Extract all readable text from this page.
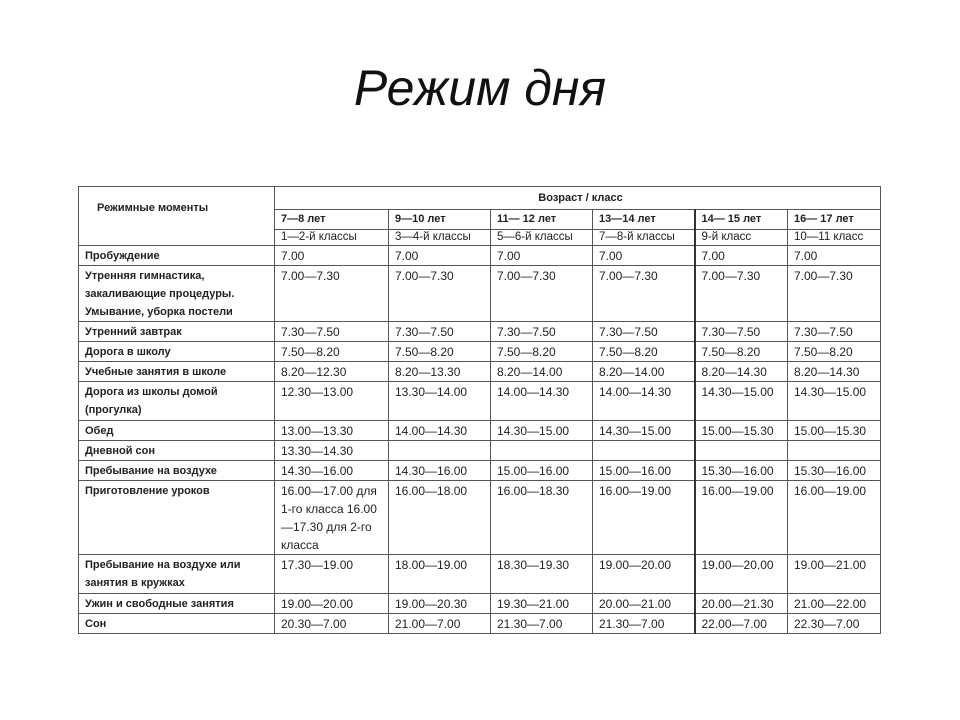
Режим дня
Режимные моменты	Возраст / класс					
	7—8 лет	9—10 лет	11— 12 лет	13—14 лет	14— 15 лет	16— 17 лет
	1—2-й классы	3—4-й классы	5—6-й классы	7—8-й классы	9-й класс	10—11 класс
Пробуждение	7.00	7.00	7.00	7.00	7.00	7.00
Утренняя гимнастика, закаливающие процедуры. Умывание, уборка постели	7.00—7.30	7.00—7.30	7.00—7.30	7.00—7.30	7.00—7.30	7.00—7.30
Утренний завтрак	7.30—7.50	7.30—7.50	7.30—7.50	7.30—7.50	7.30—7.50	7.30—7.50
Дорога в школу	7.50—8.20	7.50—8.20	7.50—8.20	7.50—8.20	7.50—8.20	7.50—8.20
Учебные занятия в школе	8.20—12.30	8.20—13.30	8.20—14.00	8.20—14.00	8.20—14.30	8.20—14.30
Дорога из школы домой (прогулка)	12.30—13.00	13.30—14.00	14.00—14.30	14.00—14.30	14.30—15.00	14.30—15.00
Обед	13.00—13.30	14.00—14.30	14.30—15.00	14.30—15.00	15.00—15.30	15.00—15.30
Дневной сон	13.30—14.30					
Пребывание на воздухе	14.30—16.00	14.30—16.00	15.00—16.00	15.00—16.00	15.30—16.00	15.30—16.00
Приготовление уроков	16.00—17.00 для 1-го класса 16.00—17.30 для 2-го класса	16.00—18.00	16.00—18.30	16.00—19.00	16.00—19.00	16.00—19.00
Пребывание на воздухе или занятия в кружках	17.30—19.00	18.00—19.00	18.30—19.30	19.00—20.00	19.00—20.00	19.00—21.00
Ужин и свободные занятия	19.00—20.00	19.00—20.30	19.30—21.00	20.00—21.00	20.00—21.30	21.00—22.00
Сон	20.30—7.00	21.00—7.00	21.30—7.00	21.30—7.00	22.00—7.00	22.30—7.00
